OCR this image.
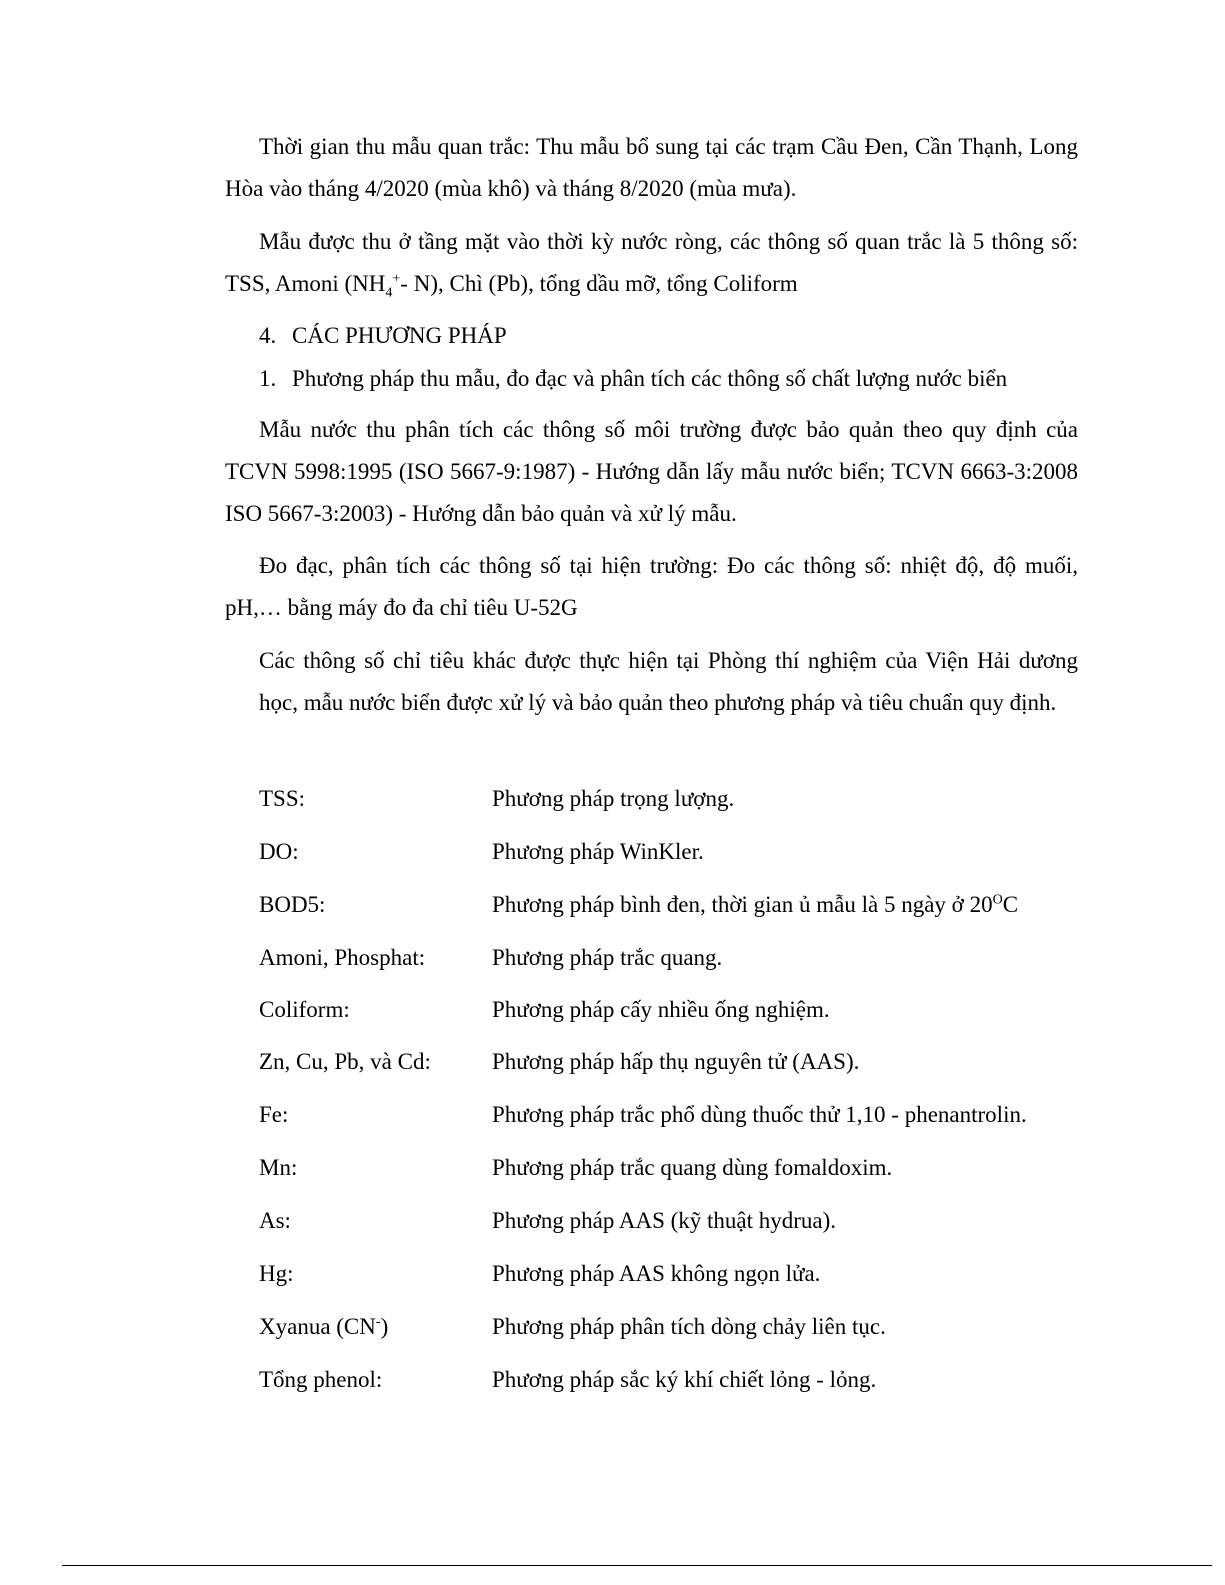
Thời gian thu mẫu quan trắc: Thu mẫu bổ sung tại các trạm Cầu Đen, Cần Thạnh, Long Hòa vào tháng 4/2020 (mùa khô) và tháng 8/2020 (mùa mưa).

Mẫu được thu ở tầng mặt vào thời kỳ nước ròng, các thông số quan trắc là 5 thông số: TSS, Amoni ($NH_4^+-$ N), Chì (Pb), tổng dầu mỡ, tổng Coliform

4. CÁC PHƯƠNG PHÁP
1. Phương pháp thu mẫu, đo đạc và phân tích các thông số chất lượng nước biển

Mẫu nước thu phân tích các thông số môi trường được bảo quản theo quy định của TCVN 5998:1995 (ISO 5667-9:1987) - Hướng dẫn lấy mẫu nước biển; TCVN 6663-3:2008 ISO 5667-3:2003) - Hướng dẫn bảo quản và xử lý mẫu.

Đo đạc, phân tích các thông số tại hiện trường: Đo các thông số: nhiệt độ, độ muối, pH,… bằng máy đo đa chỉ tiêu U-52G

Các thông số chỉ tiêu khác được thực hiện tại Phòng thí nghiệm của Viện Hải dương học, mẫu nước biển được xử lý và bảo quản theo phương pháp và tiêu chuẩn quy định.

TSS:	Phương pháp trọng lượng.
DO:	Phương pháp WinKler.
BOD5:	Phương pháp bình đen, thời gian ủ mẫu là 5 ngày ở $20^OC$
Amoni, Phosphat:	Phương pháp trắc quang.
Coliform:	Phương pháp cấy nhiều ống nghiệm.
Zn, Cu, Pb, và Cd:	Phương pháp hấp thụ nguyên tử (AAS).
Fe:	Phương pháp trắc phổ dùng thuốc thử 1,10 - phenantrolin.
Mn:	Phương pháp trắc quang dùng fomaldoxim.
As:	Phương pháp AAS (kỹ thuật hydrua).
Hg:	Phương pháp AAS không ngọn lửa.
Xyanua (CN-)	Phương pháp phân tích dòng chảy liên tục.
Tổng phenol:	Phương pháp sắc ký khí chiết lỏng - lỏng.
